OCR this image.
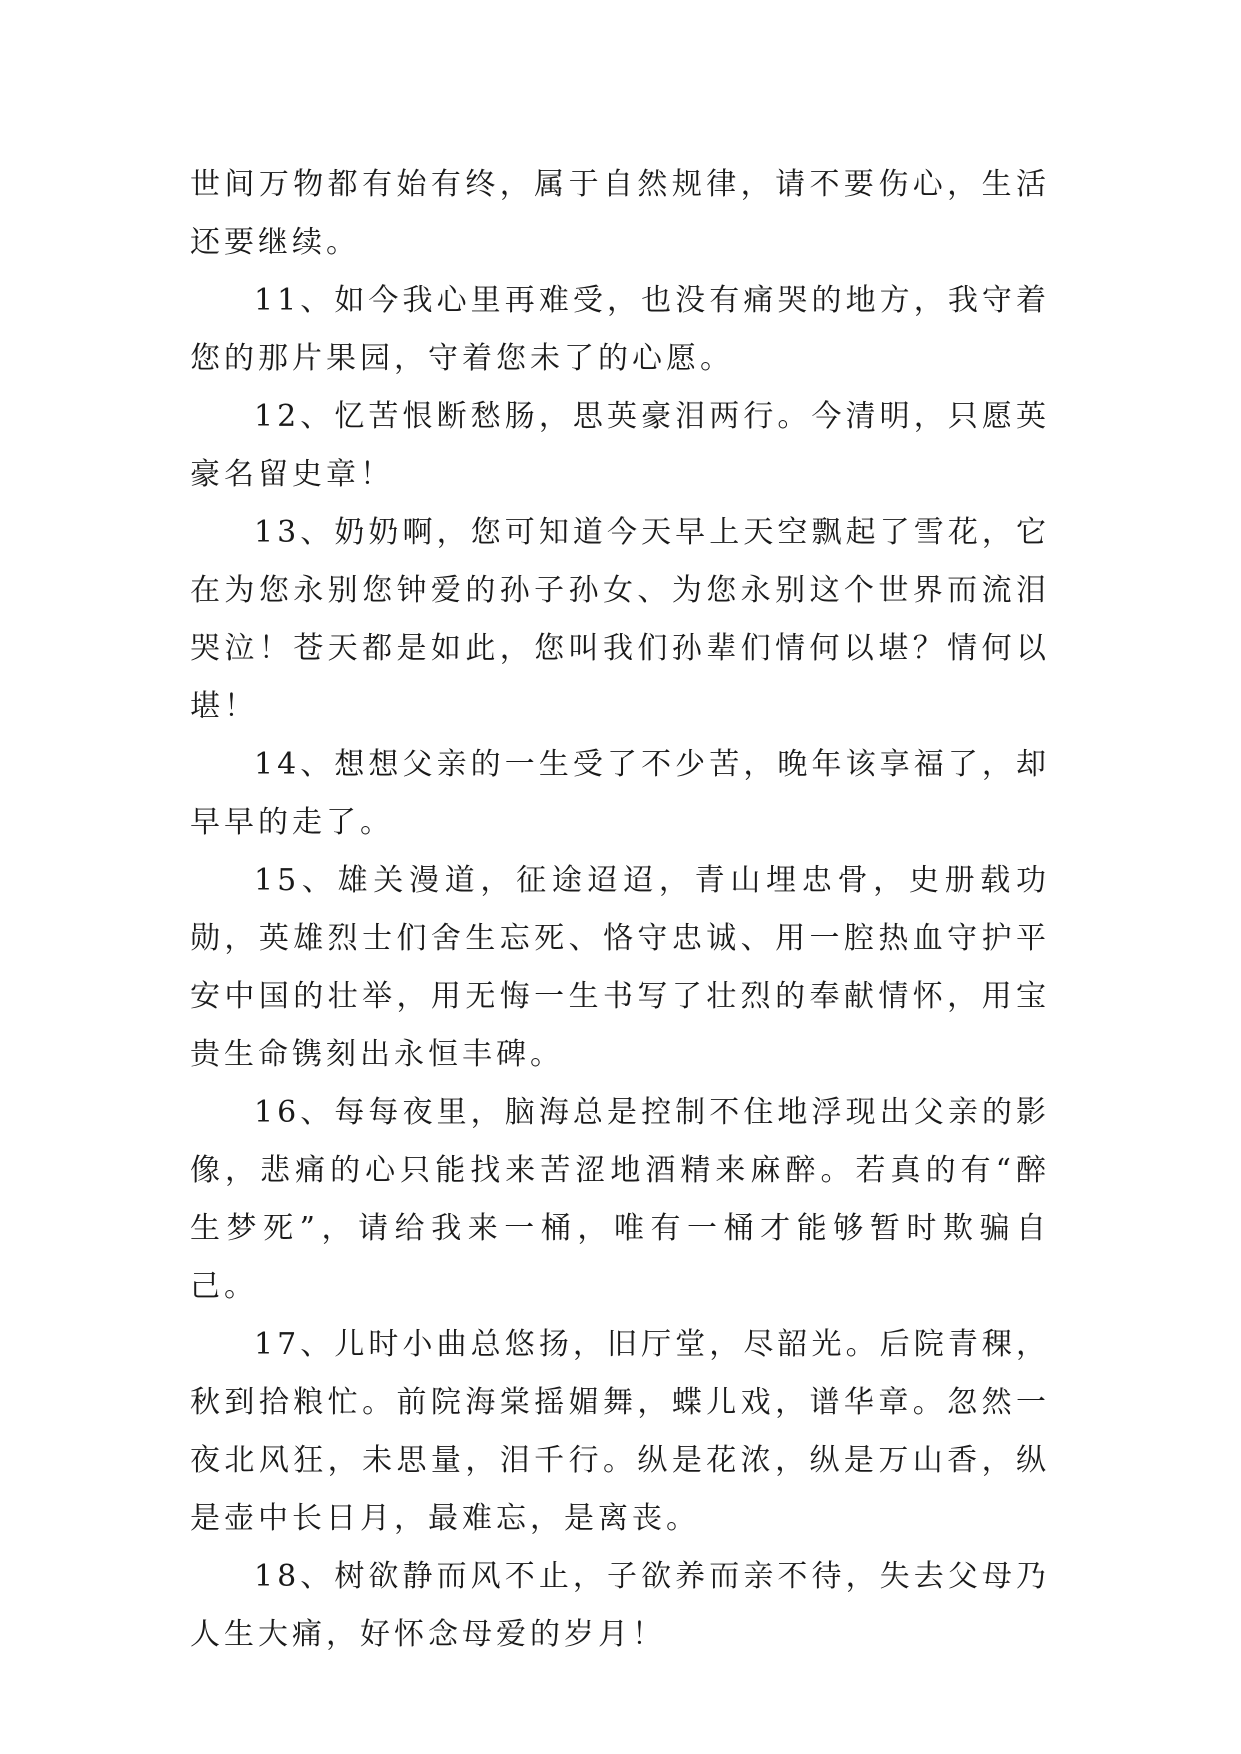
世间万物都有始有终，属于自然规律，请不要伤心，生活还要继续。

11、如今我心里再难受，也没有痛哭的地方，我守着您的那片果园，守着您未了的心愿。

12、忆苦恨断愁肠，思英豪泪两行。今清明，只愿英豪名留史章！

13、奶奶啊，您可知道今天早上天空飘起了雪花，它在为您永别您钟爱的孙子孙女、为您永别这个世界而流泪哭泣！苍天都是如此，您叫我们孙辈们情何以堪？情何以堪！

14、想想父亲的一生受了不少苦，晚年该享福了，却早早的走了。

15、雄关漫道，征途迢迢，青山埋忠骨，史册载功勋，英雄烈士们舍生忘死、恪守忠诚、用一腔热血守护平安中国的壮举，用无悔一生书写了壮烈的奉献情怀，用宝贵生命镌刻出永恒丰碑。

16、每每夜里，脑海总是控制不住地浮现出父亲的影像，悲痛的心只能找来苦涩地酒精来麻醉。若真的有“醉生梦死”，请给我来一桶，唯有一桶才能够暂时欺骗自己。

17、儿时小曲总悠扬，旧厅堂，尽韶光。后院青稞，秋到拾粮忙。前院海棠摇媚舞，蝶儿戏，谱华章。忽然一夜北风狂，未思量，泪千行。纵是花浓，纵是万山香，纵是壶中长日月，最难忘，是离丧。

18、树欲静而风不止，子欲养而亲不待，失去父母乃人生大痛，好怀念母爱的岁月！
